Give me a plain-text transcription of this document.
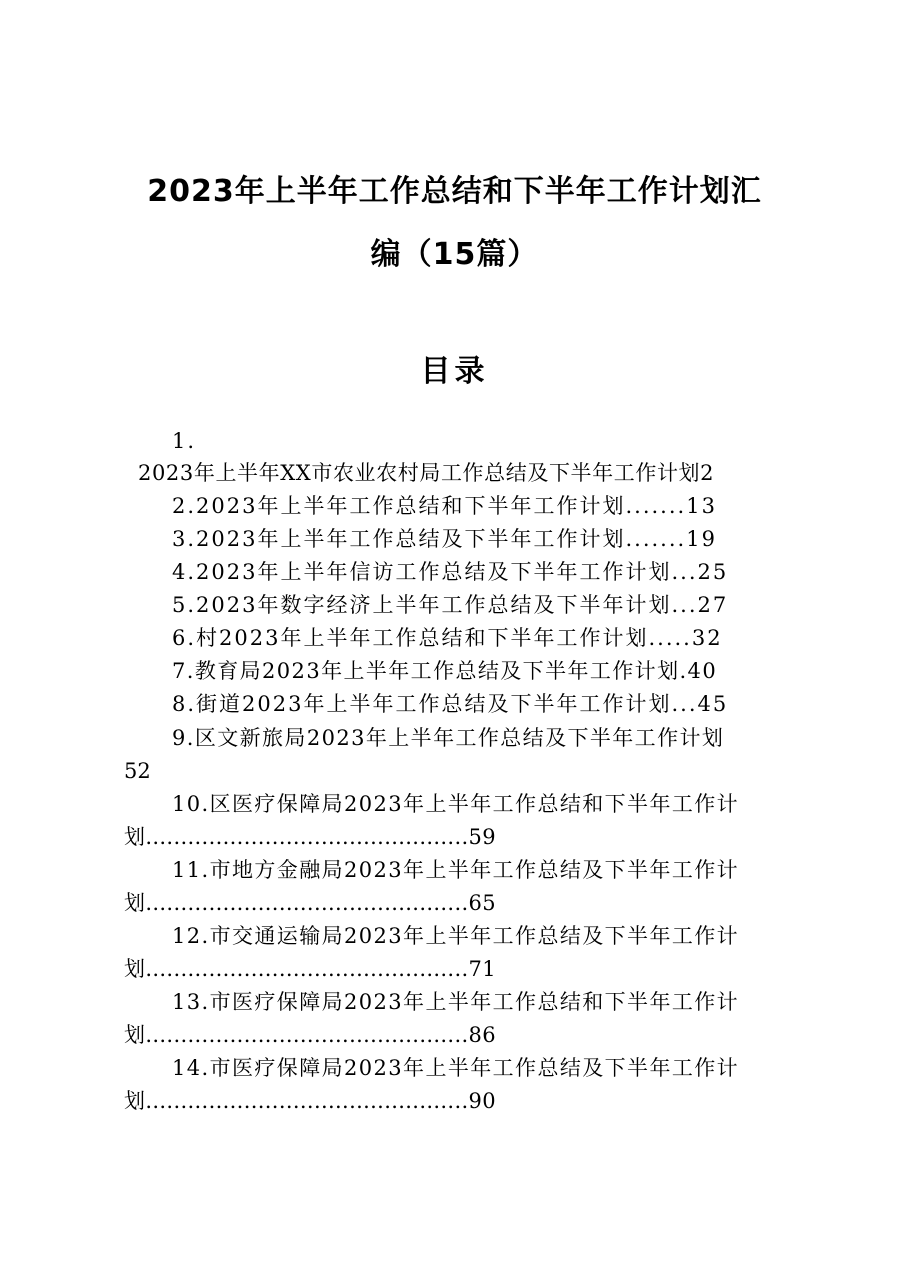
2023年上半年工作总结和下半年工作计划汇
编（15篇）
目录
1.
2023年上半年XX市农业农村局工作总结及下半年工作计划2
2.2023年上半年工作总结和下半年工作计划.......13
3.2023年上半年工作总结及下半年工作计划.......19
4.2023年上半年信访工作总结及下半年工作计划...25
5.2023年数字经济上半年工作总结及下半年计划...27
6.村2023年上半年工作总结和下半年工作计划.....32
7.教育局2023年上半年工作总结及下半年工作计划.40
8.街道2023年上半年工作总结及下半年工作计划...45
9.区文新旅局2023年上半年工作总结及下半年工作计划
52
10.区医疗保障局2023年上半年工作总结和下半年工作计
划..............................................59
11.市地方金融局2023年上半年工作总结及下半年工作计
划..............................................65
12.市交通运输局2023年上半年工作总结及下半年工作计
划..............................................71
13.市医疗保障局2023年上半年工作总结和下半年工作计
划..............................................86
14.市医疗保障局2023年上半年工作总结及下半年工作计
划..............................................90
